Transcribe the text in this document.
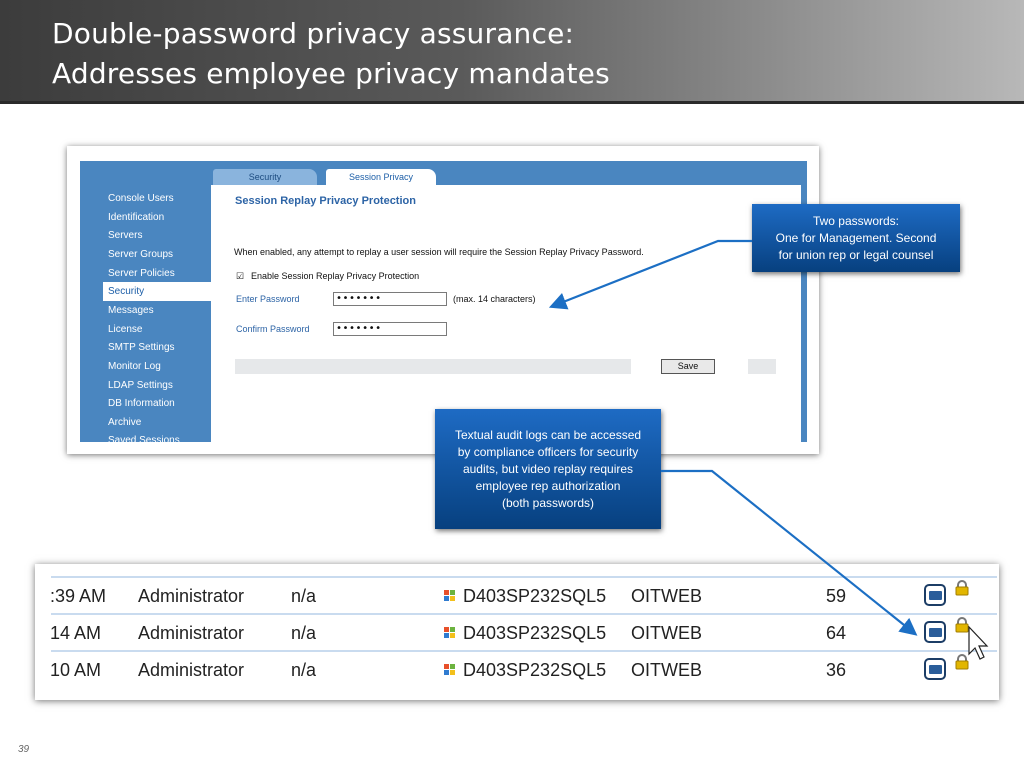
Double-password privacy assurance:
Addresses employee privacy mandates
Security	Session Privacy
Console Users
Identification
Servers
Server Groups
Server Policies
Security
Messages
License
SMTP Settings
Monitor Log
LDAP Settings
DB Information
Archive
Saved Sessions
Session Replay Privacy Protection
When enabled, any attempt to replay a user session will require the Session Replay Privacy Password.
☑ Enable Session Replay Privacy Protection
Enter Password	•••••••	(max. 14 characters)
Confirm Password	•••••••
Save
Two passwords:
One for Management. Second
for union rep or legal counsel
Textual audit logs can be accessed
by compliance officers for security
audits, but video replay requires
employee rep authorization
(both passwords)
:39 AM Administrator	n/a	D403SP232SQL5 OITWEB	59
14 AM Administrator	n/a	D403SP232SQL5 OITWEB	64
10 AM Administrator	n/a	D403SP232SQL5 OITWEB	36
39
